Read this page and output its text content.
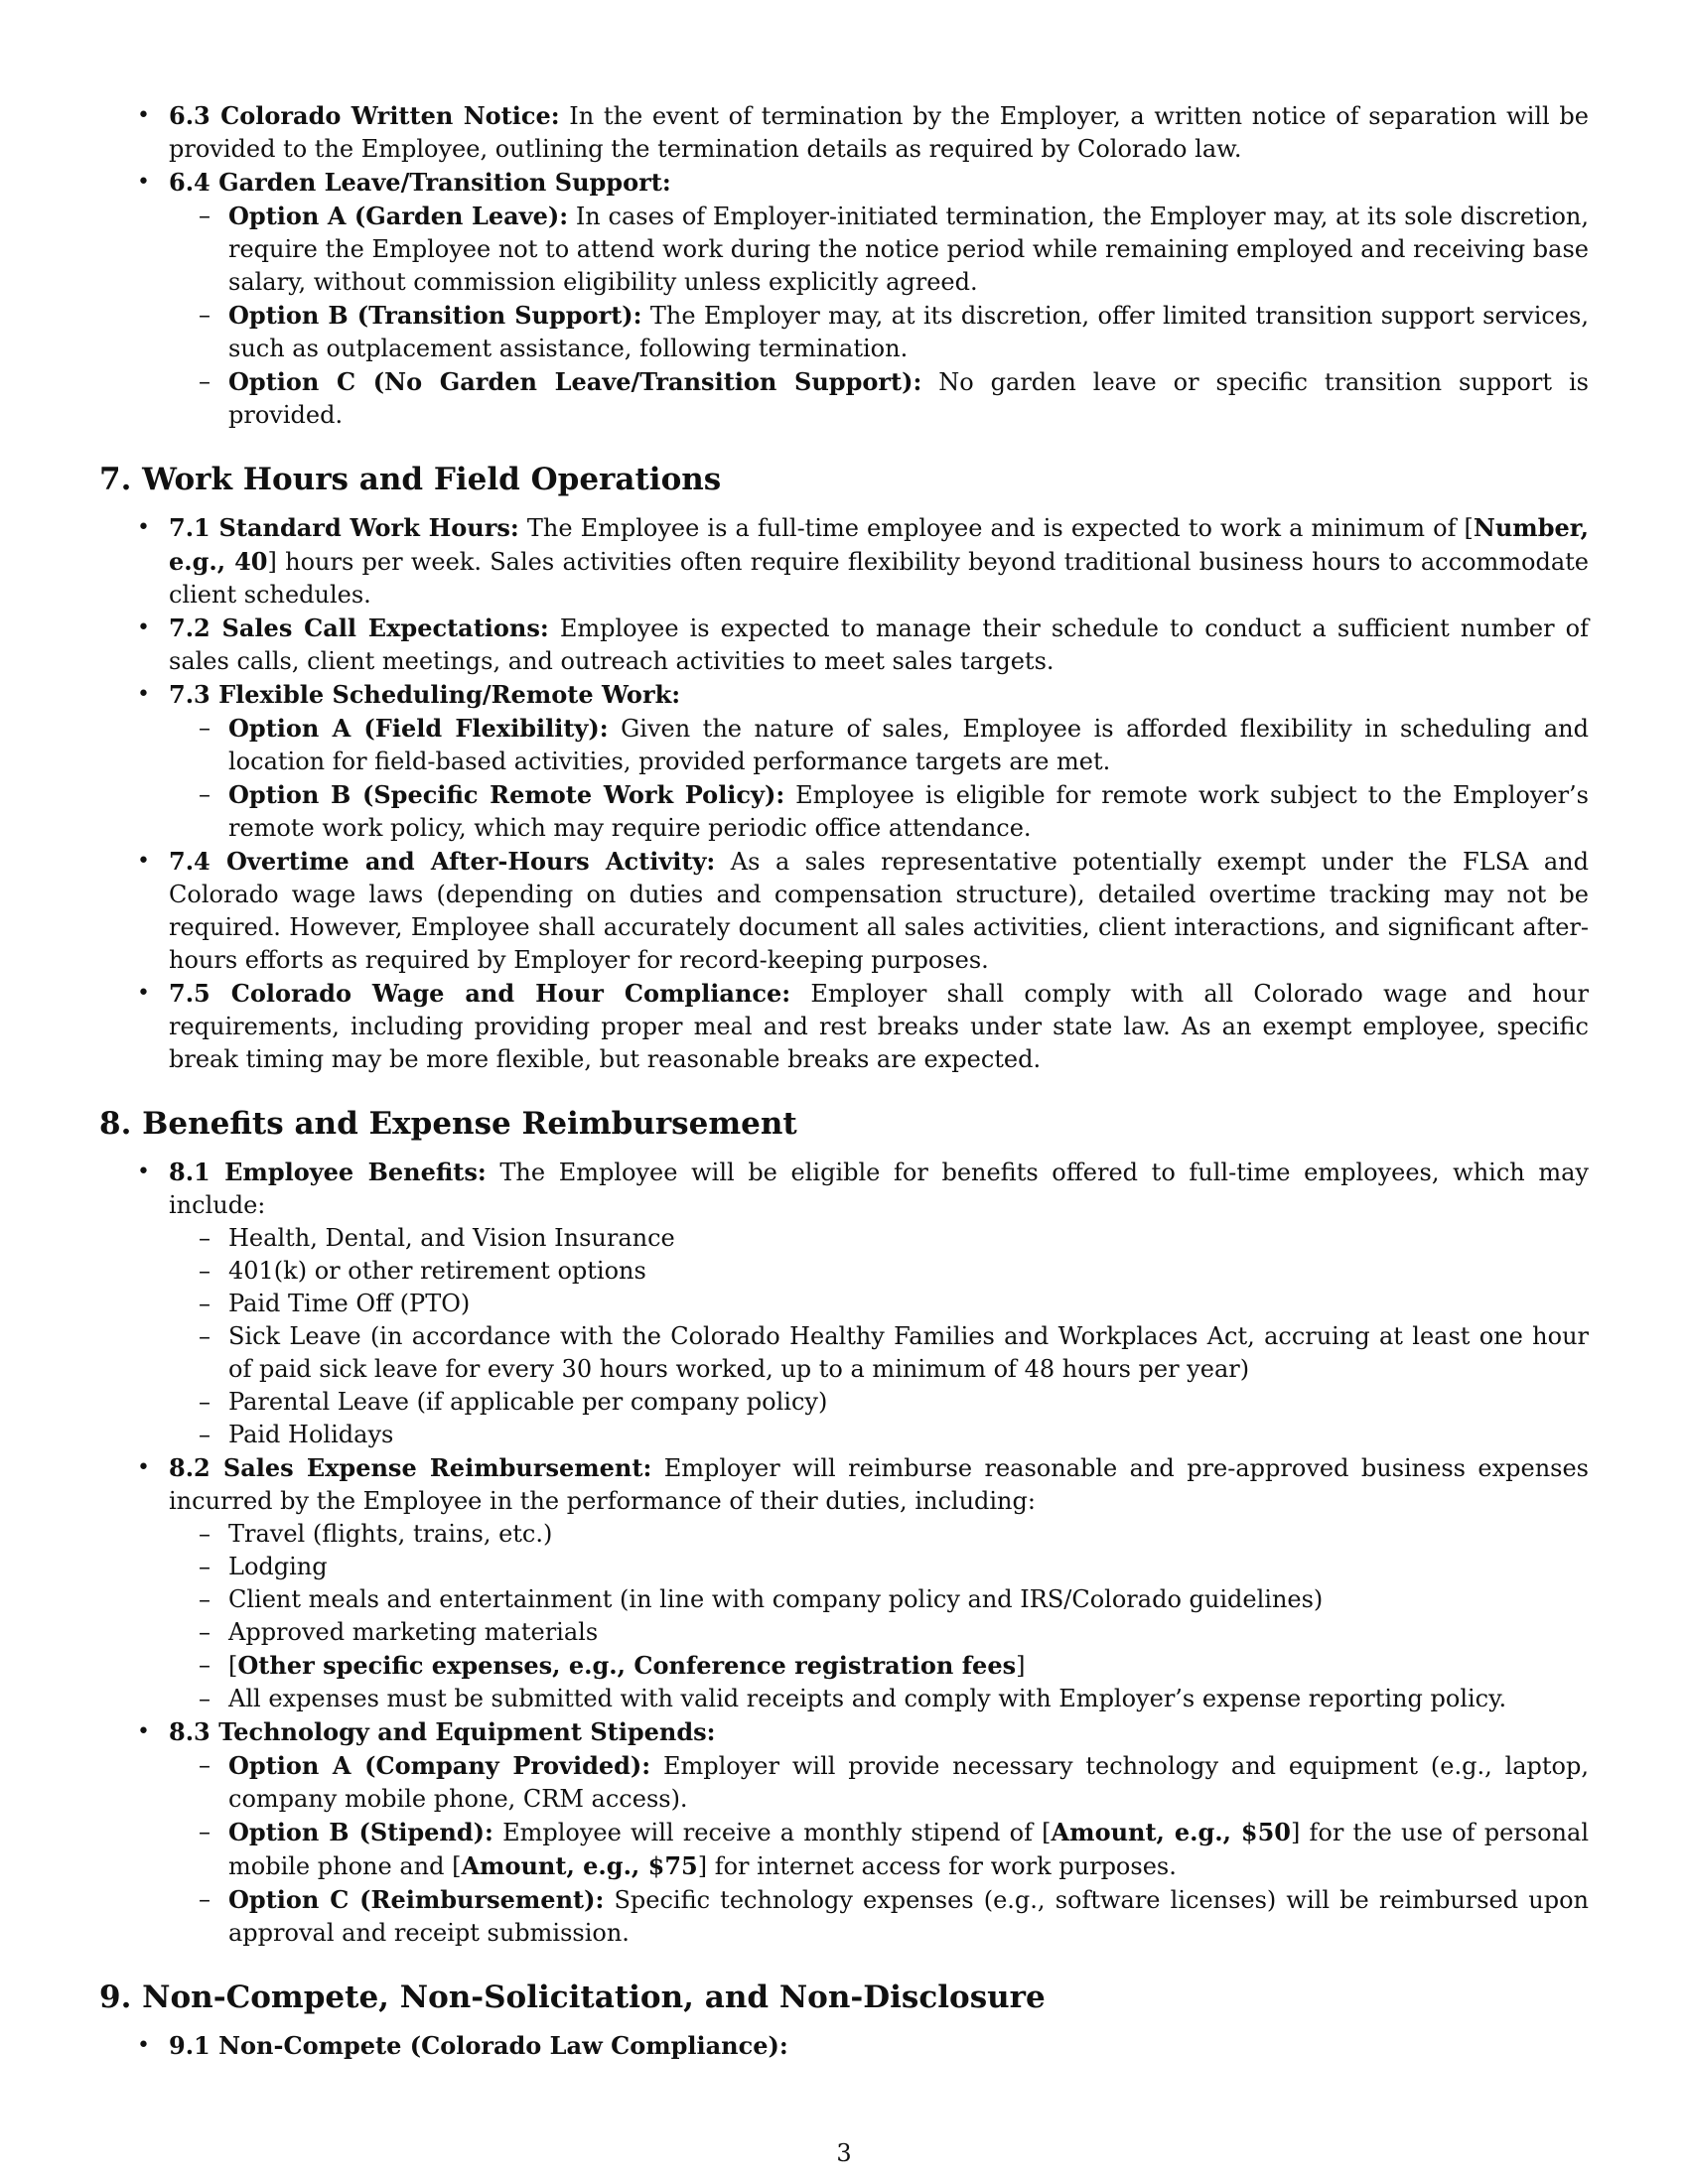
• 6.3 Colorado Written Notice: In the event of termination by the Employer, a written notice of separation will be provided to the Employee, outlining the termination details as required by Colorado law.
• 6.4 Garden Leave/Transition Support:
– Option A (Garden Leave): In cases of Employer-initiated termination, the Employer may, at its sole discretion, require the Employee not to attend work during the notice period while remaining employed and receiving base salary, without commission eligibility unless explicitly agreed.
– Option B (Transition Support): The Employer may, at its discretion, offer limited transition support services, such as outplacement assistance, following termination.
– Option C (No Garden Leave/Transition Support): No garden leave or specific transition support is provided.
7. Work Hours and Field Operations
• 7.1 Standard Work Hours: The Employee is a full-time employee and is expected to work a minimum of [Number, e.g., 40] hours per week. Sales activities often require flexibility beyond traditional business hours to accommodate client schedules.
• 7.2 Sales Call Expectations: Employee is expected to manage their schedule to conduct a sufficient number of sales calls, client meetings, and outreach activities to meet sales targets.
• 7.3 Flexible Scheduling/Remote Work:
– Option A (Field Flexibility): Given the nature of sales, Employee is afforded flexibility in scheduling and location for field-based activities, provided performance targets are met.
– Option B (Specific Remote Work Policy): Employee is eligible for remote work subject to the Employer’s remote work policy, which may require periodic office attendance.
• 7.4 Overtime and After-Hours Activity: As a sales representative potentially exempt under the FLSA and Colorado wage laws (depending on duties and compensation structure), detailed overtime tracking may not be required. However, Employee shall accurately document all sales activities, client interactions, and significant after-hours efforts as required by Employer for record-keeping purposes.
• 7.5 Colorado Wage and Hour Compliance: Employer shall comply with all Colorado wage and hour requirements, including providing proper meal and rest breaks under state law. As an exempt employee, specific break timing may be more flexible, but reasonable breaks are expected.
8. Benefits and Expense Reimbursement
• 8.1 Employee Benefits: The Employee will be eligible for benefits offered to full-time employees, which may include:
– Health, Dental, and Vision Insurance
– 401(k) or other retirement options
– Paid Time Off (PTO)
– Sick Leave (in accordance with the Colorado Healthy Families and Workplaces Act, accruing at least one hour of paid sick leave for every 30 hours worked, up to a minimum of 48 hours per year)
– Parental Leave (if applicable per company policy)
– Paid Holidays
• 8.2 Sales Expense Reimbursement: Employer will reimburse reasonable and pre-approved business expenses incurred by the Employee in the performance of their duties, including:
– Travel (flights, trains, etc.)
– Lodging
– Client meals and entertainment (in line with company policy and IRS/Colorado guidelines)
– Approved marketing materials
– [Other specific expenses, e.g., Conference registration fees]
– All expenses must be submitted with valid receipts and comply with Employer’s expense reporting policy.
• 8.3 Technology and Equipment Stipends:
– Option A (Company Provided): Employer will provide necessary technology and equipment (e.g., laptop, company mobile phone, CRM access).
– Option B (Stipend): Employee will receive a monthly stipend of [Amount, e.g., $50] for the use of personal mobile phone and [Amount, e.g., $75] for internet access for work purposes.
– Option C (Reimbursement): Specific technology expenses (e.g., software licenses) will be reimbursed upon approval and receipt submission.
9. Non-Compete, Non-Solicitation, and Non-Disclosure
• 9.1 Non-Compete (Colorado Law Compliance):
3
